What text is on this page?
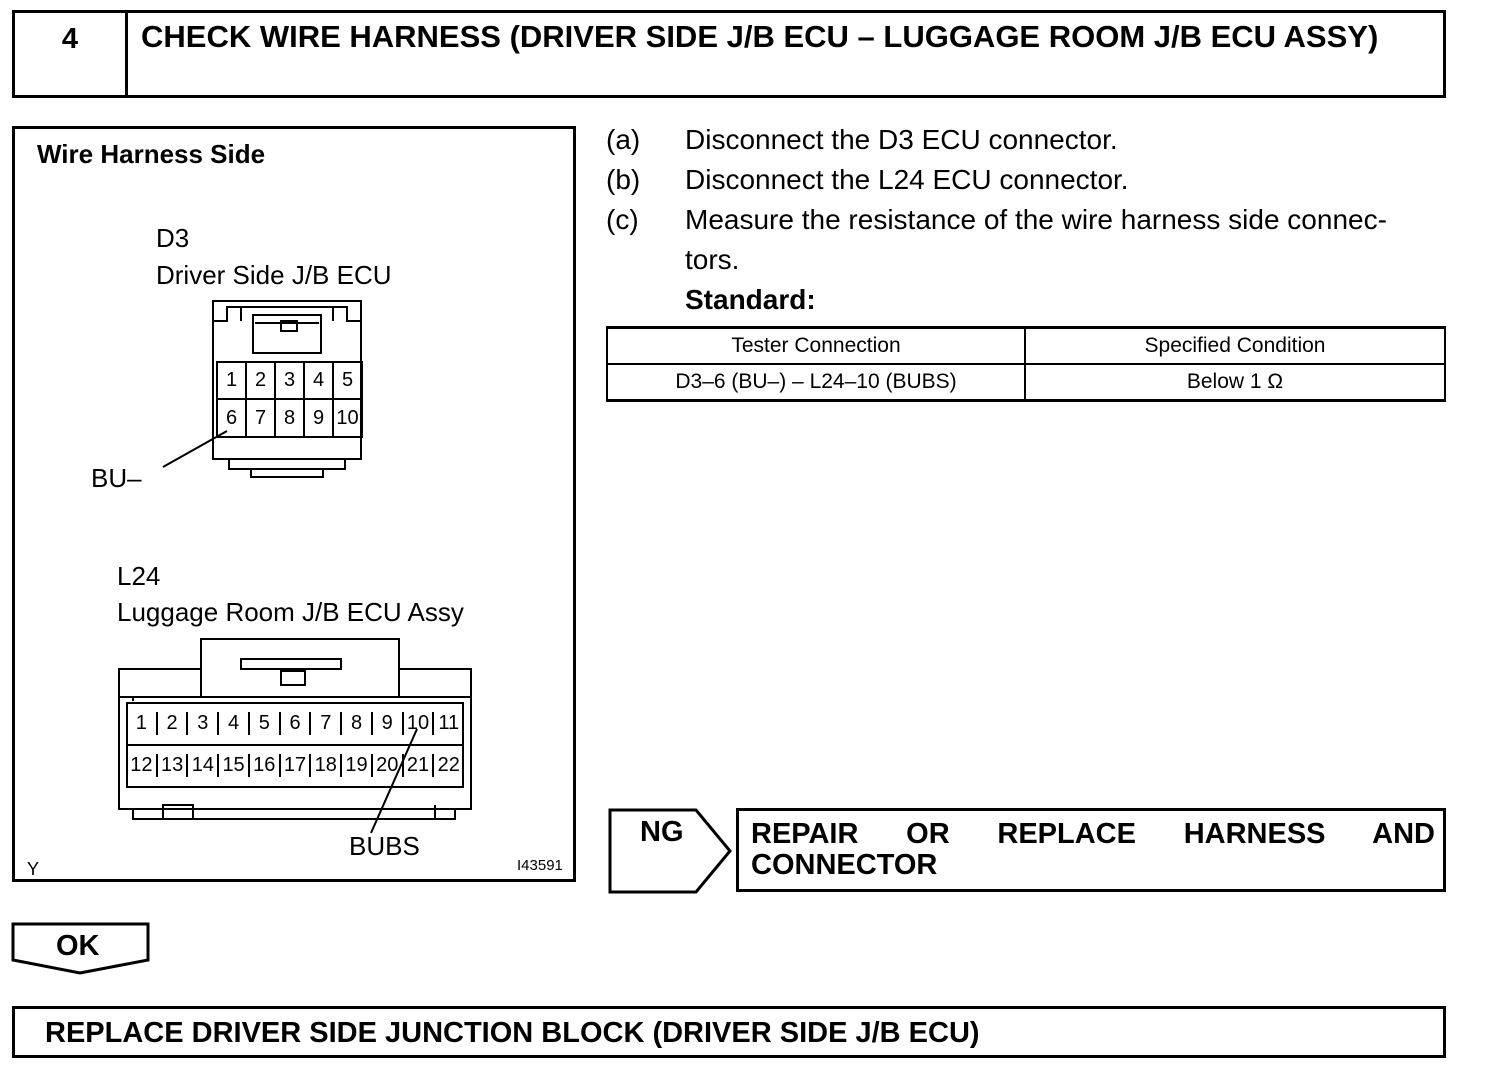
4	CHECK WIRE HARNESS (DRIVER SIDE J/B ECU – LUGGAGE ROOM J/B ECU ASSY)
Wire Harness Side
D3
Driver Side J/B ECU
1 2 3 4 5
6 7 8 9 10
BU–
L24
Luggage Room J/B ECU Assy
1 2 3 4 5 6 7 8 9 10 11
12 13 14 15 16 17 18 19 20 21 22
BUBS
Y	I43591
(a) Disconnect the D3 ECU connector.
(b) Disconnect the L24 ECU connector.
(c) Measure the resistance of the wire harness side connec-
tors.
Standard:
Tester Connection	Specified Condition
D3–6 (BU–) – L24–10 (BUBS)	Below 1 Ω
NG REPAIR OR REPLACE HARNESS AND CONNECTOR
OK
REPLACE DRIVER SIDE JUNCTION BLOCK (DRIVER SIDE J/B ECU)
